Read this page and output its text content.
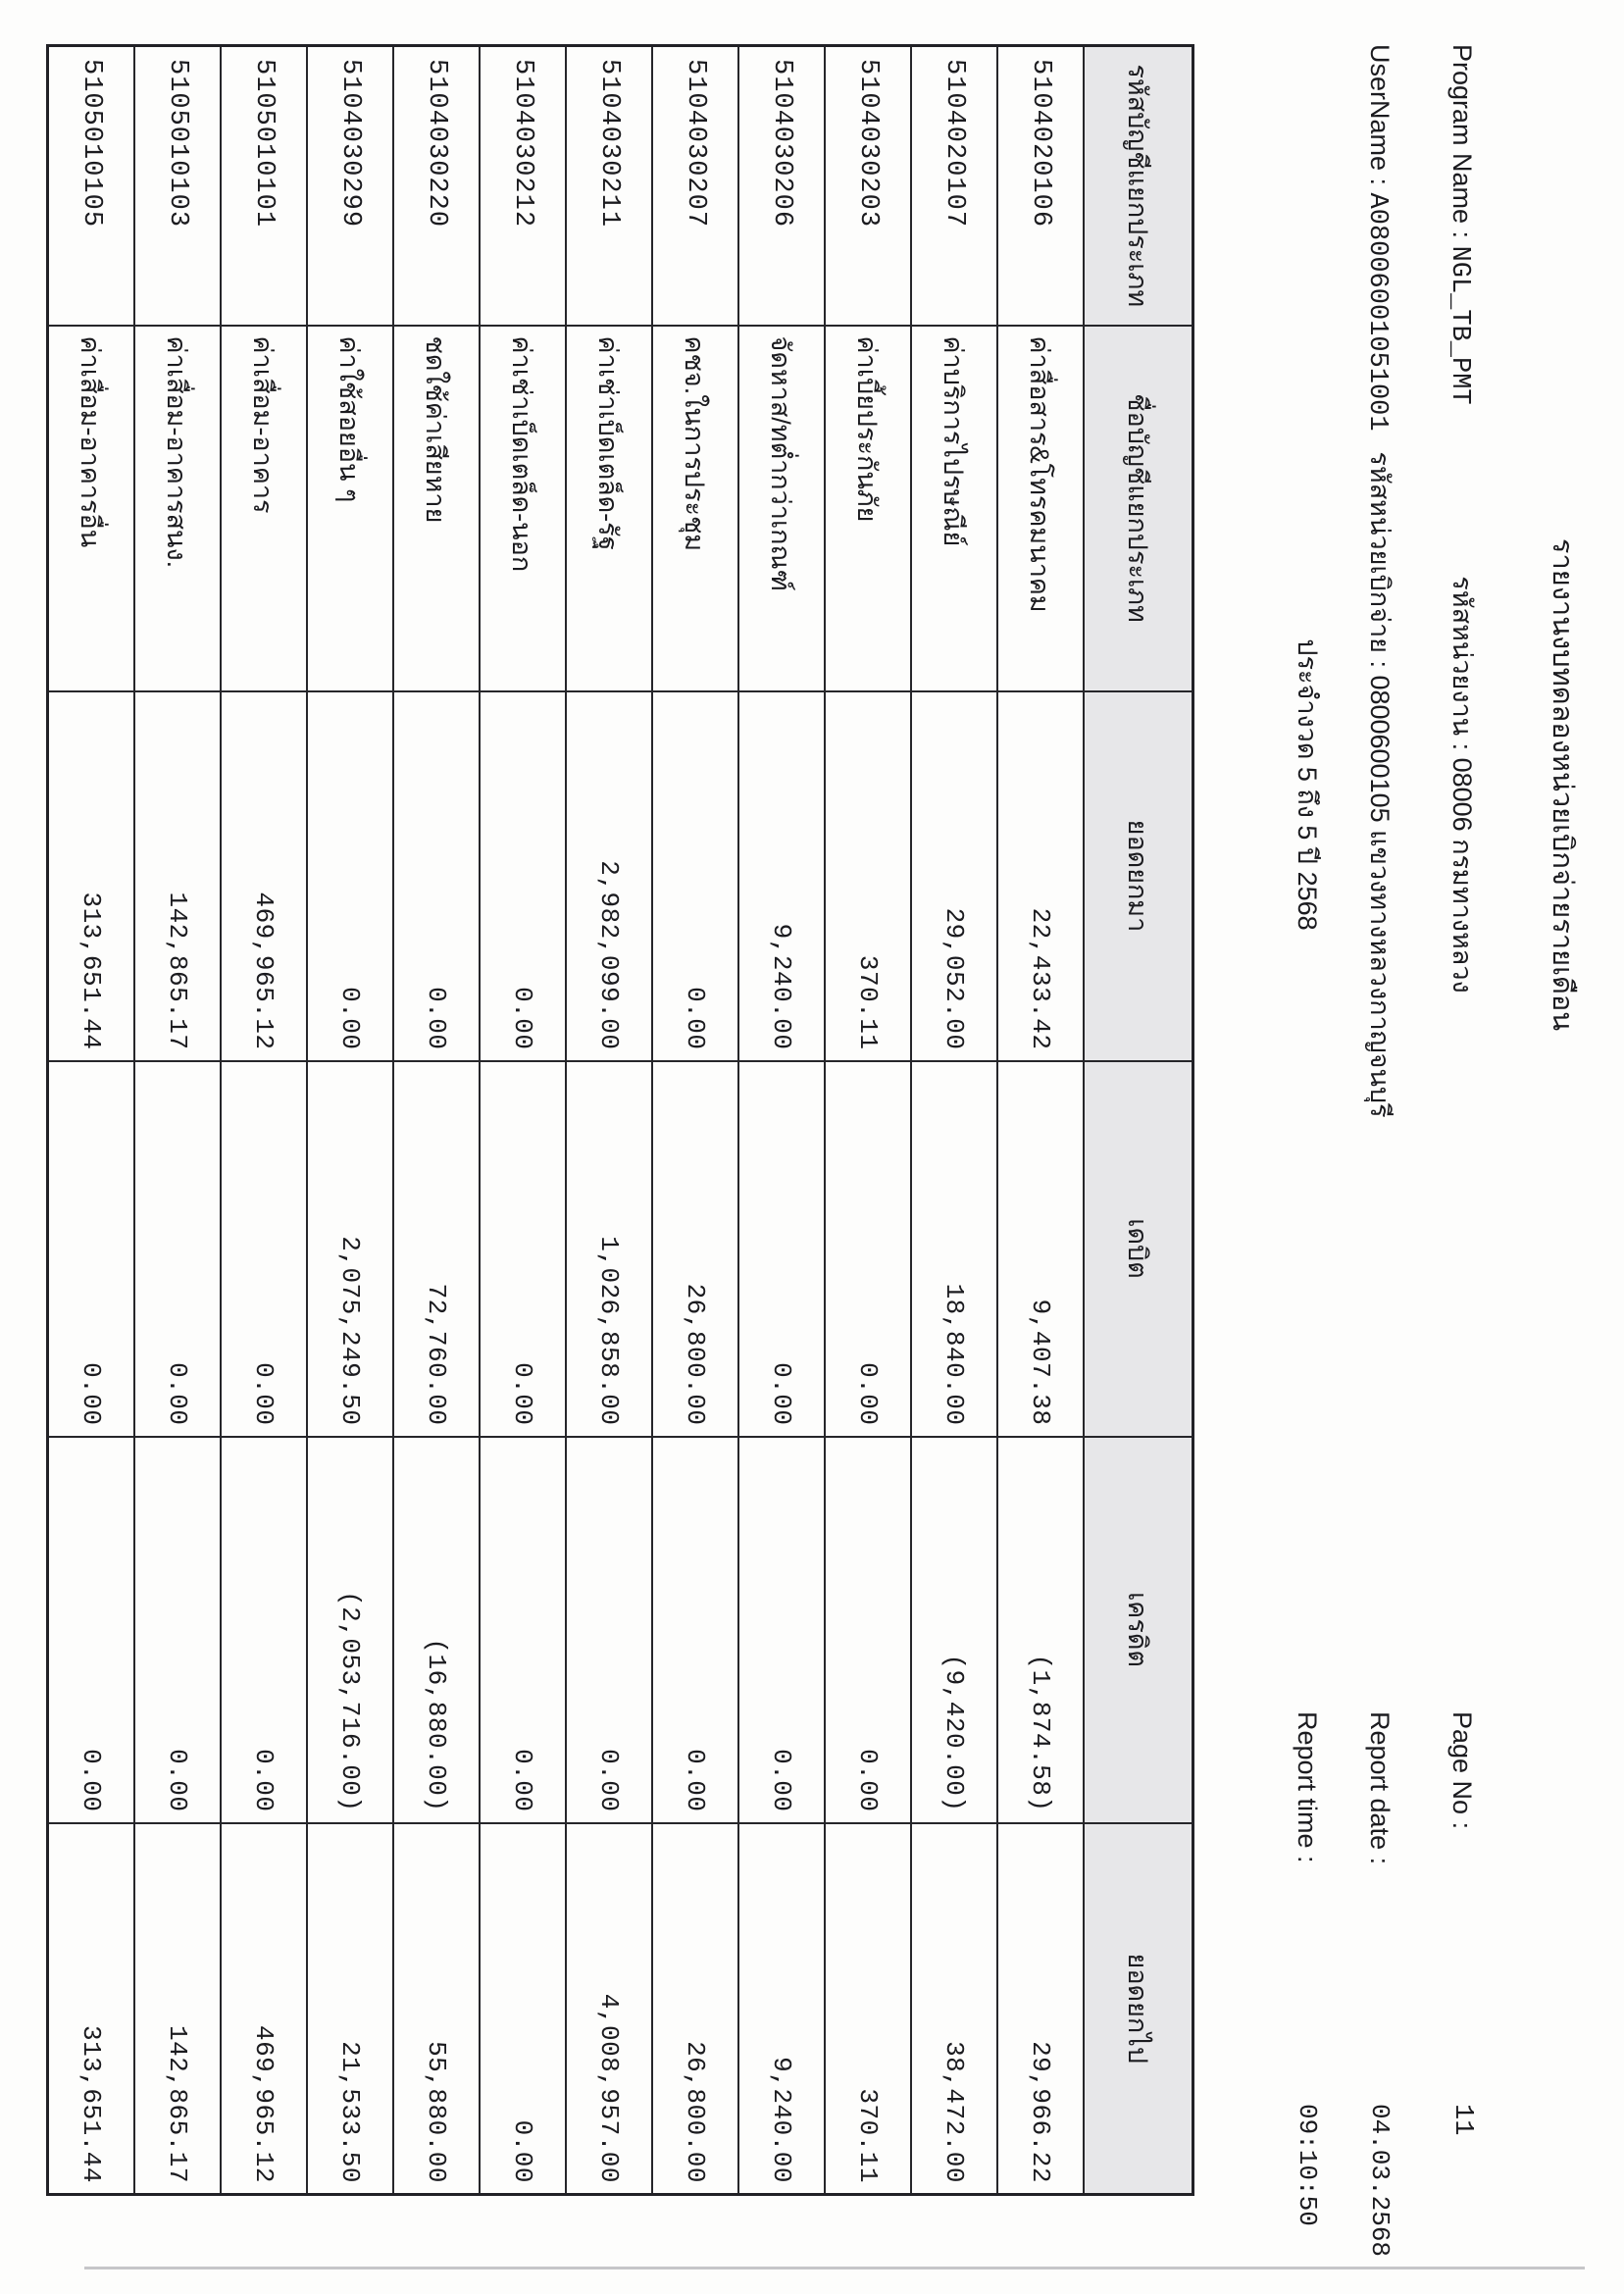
รายงานงบทดลองหน่วยเบิกจ่ายรายเดือน
Program Name : NGL_TB_PMT
รหัสหน่วยงาน : 08006 กรมทางหลวง
Page No :
11
UserName : A08006001051001
รหัสหน่วยเบิกจ่าย : 0800600105 แขวงทางหลวงกาญจนบุรี
Report date :
04.03.2568
ประจำงวด 5 ถึง 5 ปี 2568
Report time :
09:10:50
รหัสบัญชีแยกประเภท	ชื่อบัญชีแยกประเภท	ยอดยกมา	เดบิต	เครดิต	ยอดยกไป
5104020106	ค่าสื่อสาร&โทรคมนาคม	22,433.42	9,407.38	(1,874.58)	29,966.22
5104020107	ค่าบริการไปรษณีย์	29,052.00	18,840.00	(9,420.00)	38,472.00
5104030203	ค่าเบี้ยประกันภัย	370.11	0.00	0.00	370.11
5104030206	จัดหาส/ทต่ำกว่าเกณฑ์	9,240.00	0.00	0.00	9,240.00
5104030207	คชจ.ในการประชุม	0.00	26,800.00	0.00	26,800.00
5104030211	ค่าเช่าเบ็ดเตล็ด-รัฐ	2,982,099.00	1,026,858.00	0.00	4,008,957.00
5104030212	ค่าเช่าเบ็ดเตล็ด-นอก	0.00	0.00	0.00	0.00
5104030220	ชดใช้ค่าเสียหาย	0.00	72,760.00	(16,880.00)	55,880.00
5104030299	ค่าใช้สอยอื่น ๆ	0.00	2,075,249.50	(2,053,716.00)	21,533.50
5105010101	ค่าเสื่อม-อาคาร	469,965.12	0.00	0.00	469,965.12
5105010103	ค่าเสื่อม-อาคารสนง.	142,865.17	0.00	0.00	142,865.17
5105010105	ค่าเสื่อม-อาคารอื่น	313,651.44	0.00	0.00	313,651.44
